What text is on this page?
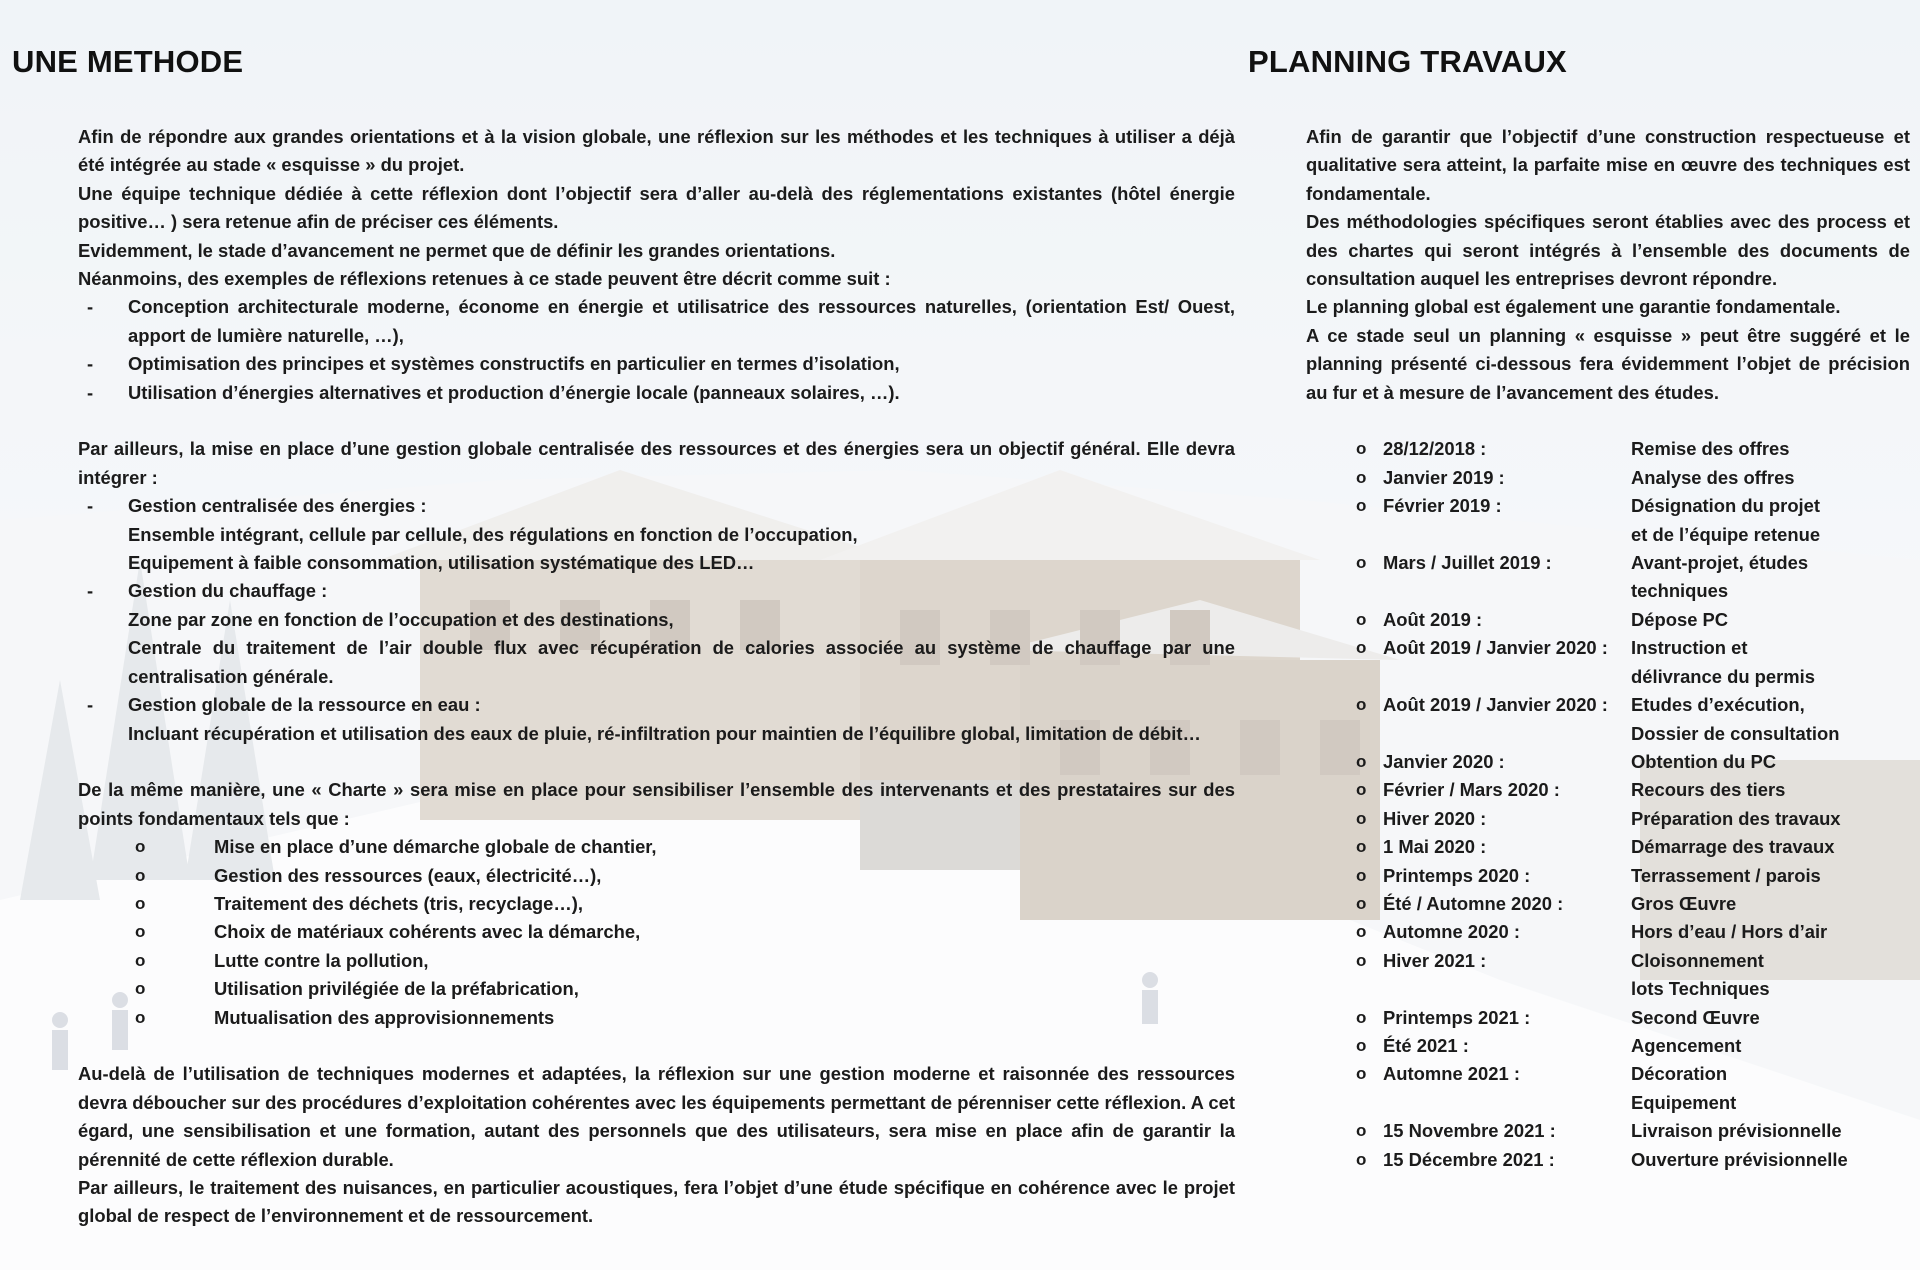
UNE METHODE

Afin de répondre aux grandes orientations et à la vision globale, une réflexion sur les méthodes et les techniques à utiliser a déjà été intégrée au stade « esquisse » du projet.

Une équipe technique dédiée à cette réflexion dont l’objectif sera d’aller au-delà des réglementations existantes (hôtel énergie positive… ) sera retenue afin de préciser ces éléments.

Evidemment, le stade d’avancement ne permet que de définir les grandes orientations.

Néanmoins, des exemples de réflexions retenues à ce stade peuvent être décrit comme suit :

- Conception architecturale moderne, économe en énergie et utilisatrice des ressources naturelles, (orientation Est/ Ouest, apport de lumière naturelle, …),

- Optimisation des principes et systèmes constructifs en particulier en termes d’isolation,

- Utilisation d’énergies alternatives et production d’énergie locale (panneaux solaires, …).

Par ailleurs, la mise en place d’une gestion globale centralisée des ressources et des énergies sera un objectif général. Elle devra intégrer :

- Gestion centralisée des énergies :

Ensemble intégrant, cellule par cellule, des régulations en fonction de l’occupation,

Equipement à faible consommation, utilisation systématique des LED…

- Gestion du chauffage :

Zone par zone en fonction de l’occupation et des destinations,

Centrale du traitement de l’air double flux avec récupération de calories associée au système de chauffage par une centralisation générale.

- Gestion globale de la ressource en eau :

Incluant récupération et utilisation des eaux de pluie, ré-infiltration pour maintien de l’équilibre global, limitation de débit…

De la même manière, une « Charte » sera mise en place pour sensibiliser l’ensemble des intervenants et des prestataires sur des points fondamentaux tels que :

o	Mise en place d’une démarche globale de chantier,

o	Gestion des ressources (eaux, électricité…),

o	Traitement des déchets (tris, recyclage…),

o	Choix de matériaux cohérents avec la démarche,

o	Lutte contre la pollution,

o	Utilisation privilégiée de la préfabrication,

o	Mutualisation des approvisionnements

Au-delà de l’utilisation de techniques modernes et adaptées, la réflexion sur une gestion moderne et raisonnée des ressources devra déboucher sur des procédures d’exploitation cohérentes avec les équipements permettant de pérenniser cette réflexion. A cet égard, une sensibilisation et une formation, autant des personnels que des utilisateurs, sera mise en place afin de garantir la pérennité de cette réflexion durable.

Par ailleurs, le traitement des nuisances, en particulier acoustiques, fera l’objet d’une étude spécifique en cohérence avec le projet global de respect de l’environnement et de ressourcement.

PLANNING TRAVAUX

Afin de garantir que l’objectif d’une construction respectueuse et qualitative sera atteint, la parfaite mise en œuvre des techniques est fondamentale.

Des méthodologies spécifiques seront établies avec des process et des chartes qui seront intégrés à l’ensemble des documents de consultation auquel les entreprises devront répondre.

Le planning global est également une garantie fondamentale.

A ce stade seul un planning « esquisse » peut être suggéré et le planning présenté ci-dessous fera évidemment l’objet de précision au fur et à mesure de l’avancement des études.

o 28/12/2018 :	Remise des offres
o Janvier 2019 :	Analyse des offres
o Février 2019 :	Désignation du projet
et de l’équipe retenue
o Mars / Juillet 2019 :	Avant-projet, études
techniques
o Août 2019 :	Dépose PC
o Août 2019 / Janvier 2020 :	Instruction et
délivrance du permis
o Août 2019 / Janvier 2020 :	Etudes d’exécution,
Dossier de consultation
o Janvier 2020 :	Obtention du PC
o Février / Mars 2020 :	Recours des tiers
o Hiver 2020 :	Préparation des travaux
o 1 Mai 2020 :	Démarrage des travaux
o Printemps 2020 :	Terrassement / parois
o Été / Automne 2020 :	Gros Œuvre
o Automne 2020 :	Hors d’eau / Hors d’air
o Hiver 2021 :	Cloisonnement
lots Techniques
o Printemps 2021 :	Second Œuvre
o Été 2021 :	Agencement
o Automne 2021 :	Décoration
Equipement
o 15 Novembre 2021 :	Livraison prévisionnelle
o 15 Décembre 2021 :	Ouverture prévisionnelle
